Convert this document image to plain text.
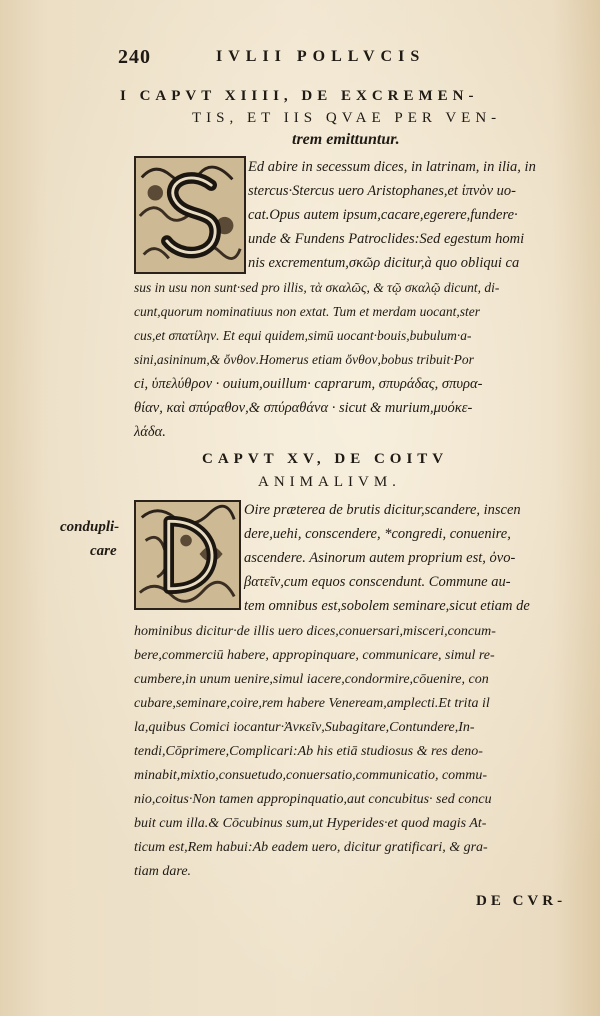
240	IVLII POLLVCIS
I CAPVT XIIII, DE EXCREMEN-
TIS, ET IIS QVAE PER VEN-
trem emittuntur.
Ed abire in secessum dices, in latrinam, in ilia, in
stercus·Stercus uero Aristophanes,et ἰπνὸν uo-
cat.Opus autem ipsum,cacare,egerere,fundere·
unde & Fundens Patroclides:Sed egestum homi
nis excrementum,σκῶρ dicitur,à quo obliqui ca
sus in usu non sunt·sed pro illis, τὰ σκαλῶς, & τῷ σκαλῷ dicunt, di-
cunt,quorum nominatiuus non extat. Tum et merdam uocant,ster
cus,et σπατίλην. Et equi quidem,simū uocant·bouis,bubulum·a-
sini,asininum,& ὄνθον.Homerus etiam ὄνθον,bobus tribuit·Por
ci, ὑπελύθρον · ouium,ouillum· caprarum, σπυράδας, σπυρα-
θίαν, καὶ σπύραθον,& σπύραθάνα · sicut & murium,μυόκε-
λάδα.
CAPVT XV, DE COITV
ANIMALIVM.
condupli-
care
Oire præterea de brutis dicitur,scandere, inscen
dere,uehi, conscendere, *congredi, conuenire,
ascendere. Asinorum autem proprium est, ὀνο-
βατεῖν,cum equos conscendunt. Commune au-
tem omnibus est,sobolem seminare,sicut etiam de
hominibus dicitur·de illis uero dices,conuersari,misceri,concum-
bere,commerciū habere, appropinquare, communicare, simul re-
cumbere,in unum uenire,simul iacere,condormire,cōuenire, con
cubare,seminare,coire,rem habere Veneream,amplecti.Et trita il
la,quibus Comici iocantur·Ἀνκεῖν,Subagitare,Contundere,In-
tendi,Cōprimere,Complicari:Ab his etiā studiosus & res deno-
minabit,mixtio,consuetudo,conuersatio,communicatio, commu-
nio,coitus·Non tamen appropinquatio,aut concubitus· sed concu
buit cum illa.& Cōcubinus sum,ut Hyperides·et quod magis At-
ticum est,Rem habui:Ab eadem uero, dicitur gratificari, & gra-
tiam dare.
DE CVR-
